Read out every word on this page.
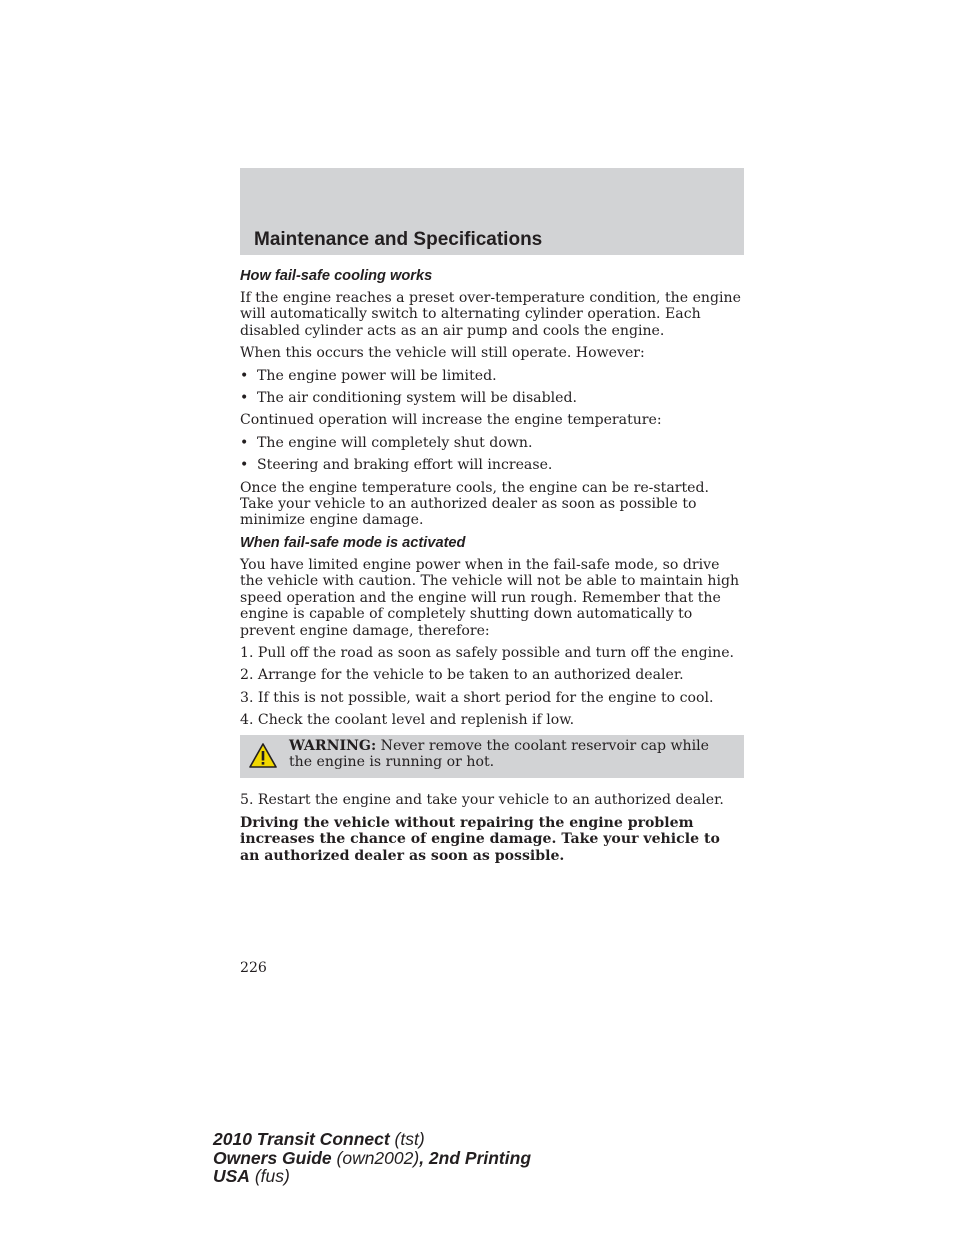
Maintenance and Specifications
How fail-safe cooling works

If the engine reaches a preset over-temperature condition, the engine will automatically switch to alternating cylinder operation. Each disabled cylinder acts as an air pump and cools the engine.

When this occurs the vehicle will still operate. However:

• The engine power will be limited.
• The air conditioning system will be disabled.

Continued operation will increase the engine temperature:

• The engine will completely shut down.
• Steering and braking effort will increase.

Once the engine temperature cools, the engine can be re-started. Take your vehicle to an authorized dealer as soon as possible to minimize engine damage.

When fail-safe mode is activated

You have limited engine power when in the fail-safe mode, so drive the vehicle with caution. The vehicle will not be able to maintain high speed operation and the engine will run rough. Remember that the engine is capable of completely shutting down automatically to prevent engine damage, therefore:

1. Pull off the road as soon as safely possible and turn off the engine.

2. Arrange for the vehicle to be taken to an authorized dealer.

3. If this is not possible, wait a short period for the engine to cool.

4. Check the coolant level and replenish if low.

WARNING: Never remove the coolant reservoir cap while the engine is running or hot.

5. Restart the engine and take your vehicle to an authorized dealer.

Driving the vehicle without repairing the engine problem increases the chance of engine damage. Take your vehicle to an authorized dealer as soon as possible.

226
2010 Transit Connect (tst)
Owners Guide (own2002), 2nd Printing
USA (fus)
